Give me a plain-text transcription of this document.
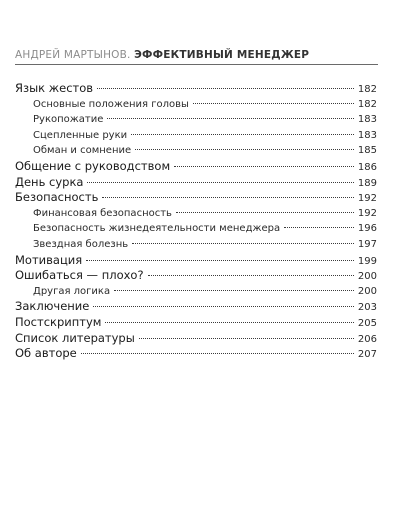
АНДРЕЙ МАРТЫНОВ. ЭФФЕКТИВНЫЙ МЕНЕДЖЕР
Язык жестов	182
Основные положения головы	182
Рукопожатие	183
Сцепленные руки	183
Обман и сомнение	185
Общение с руководством	186
День сурка	189
Безопасность	192
Финансовая безопасность	192
Безопасность жизнедеятельности менеджера	196
Звездная болезнь	197
Мотивация	199
Ошибаться — плохо?	200
Другая логика	200
Заключение	203
Постскриптум	205
Список литературы	206
Об авторе	207
